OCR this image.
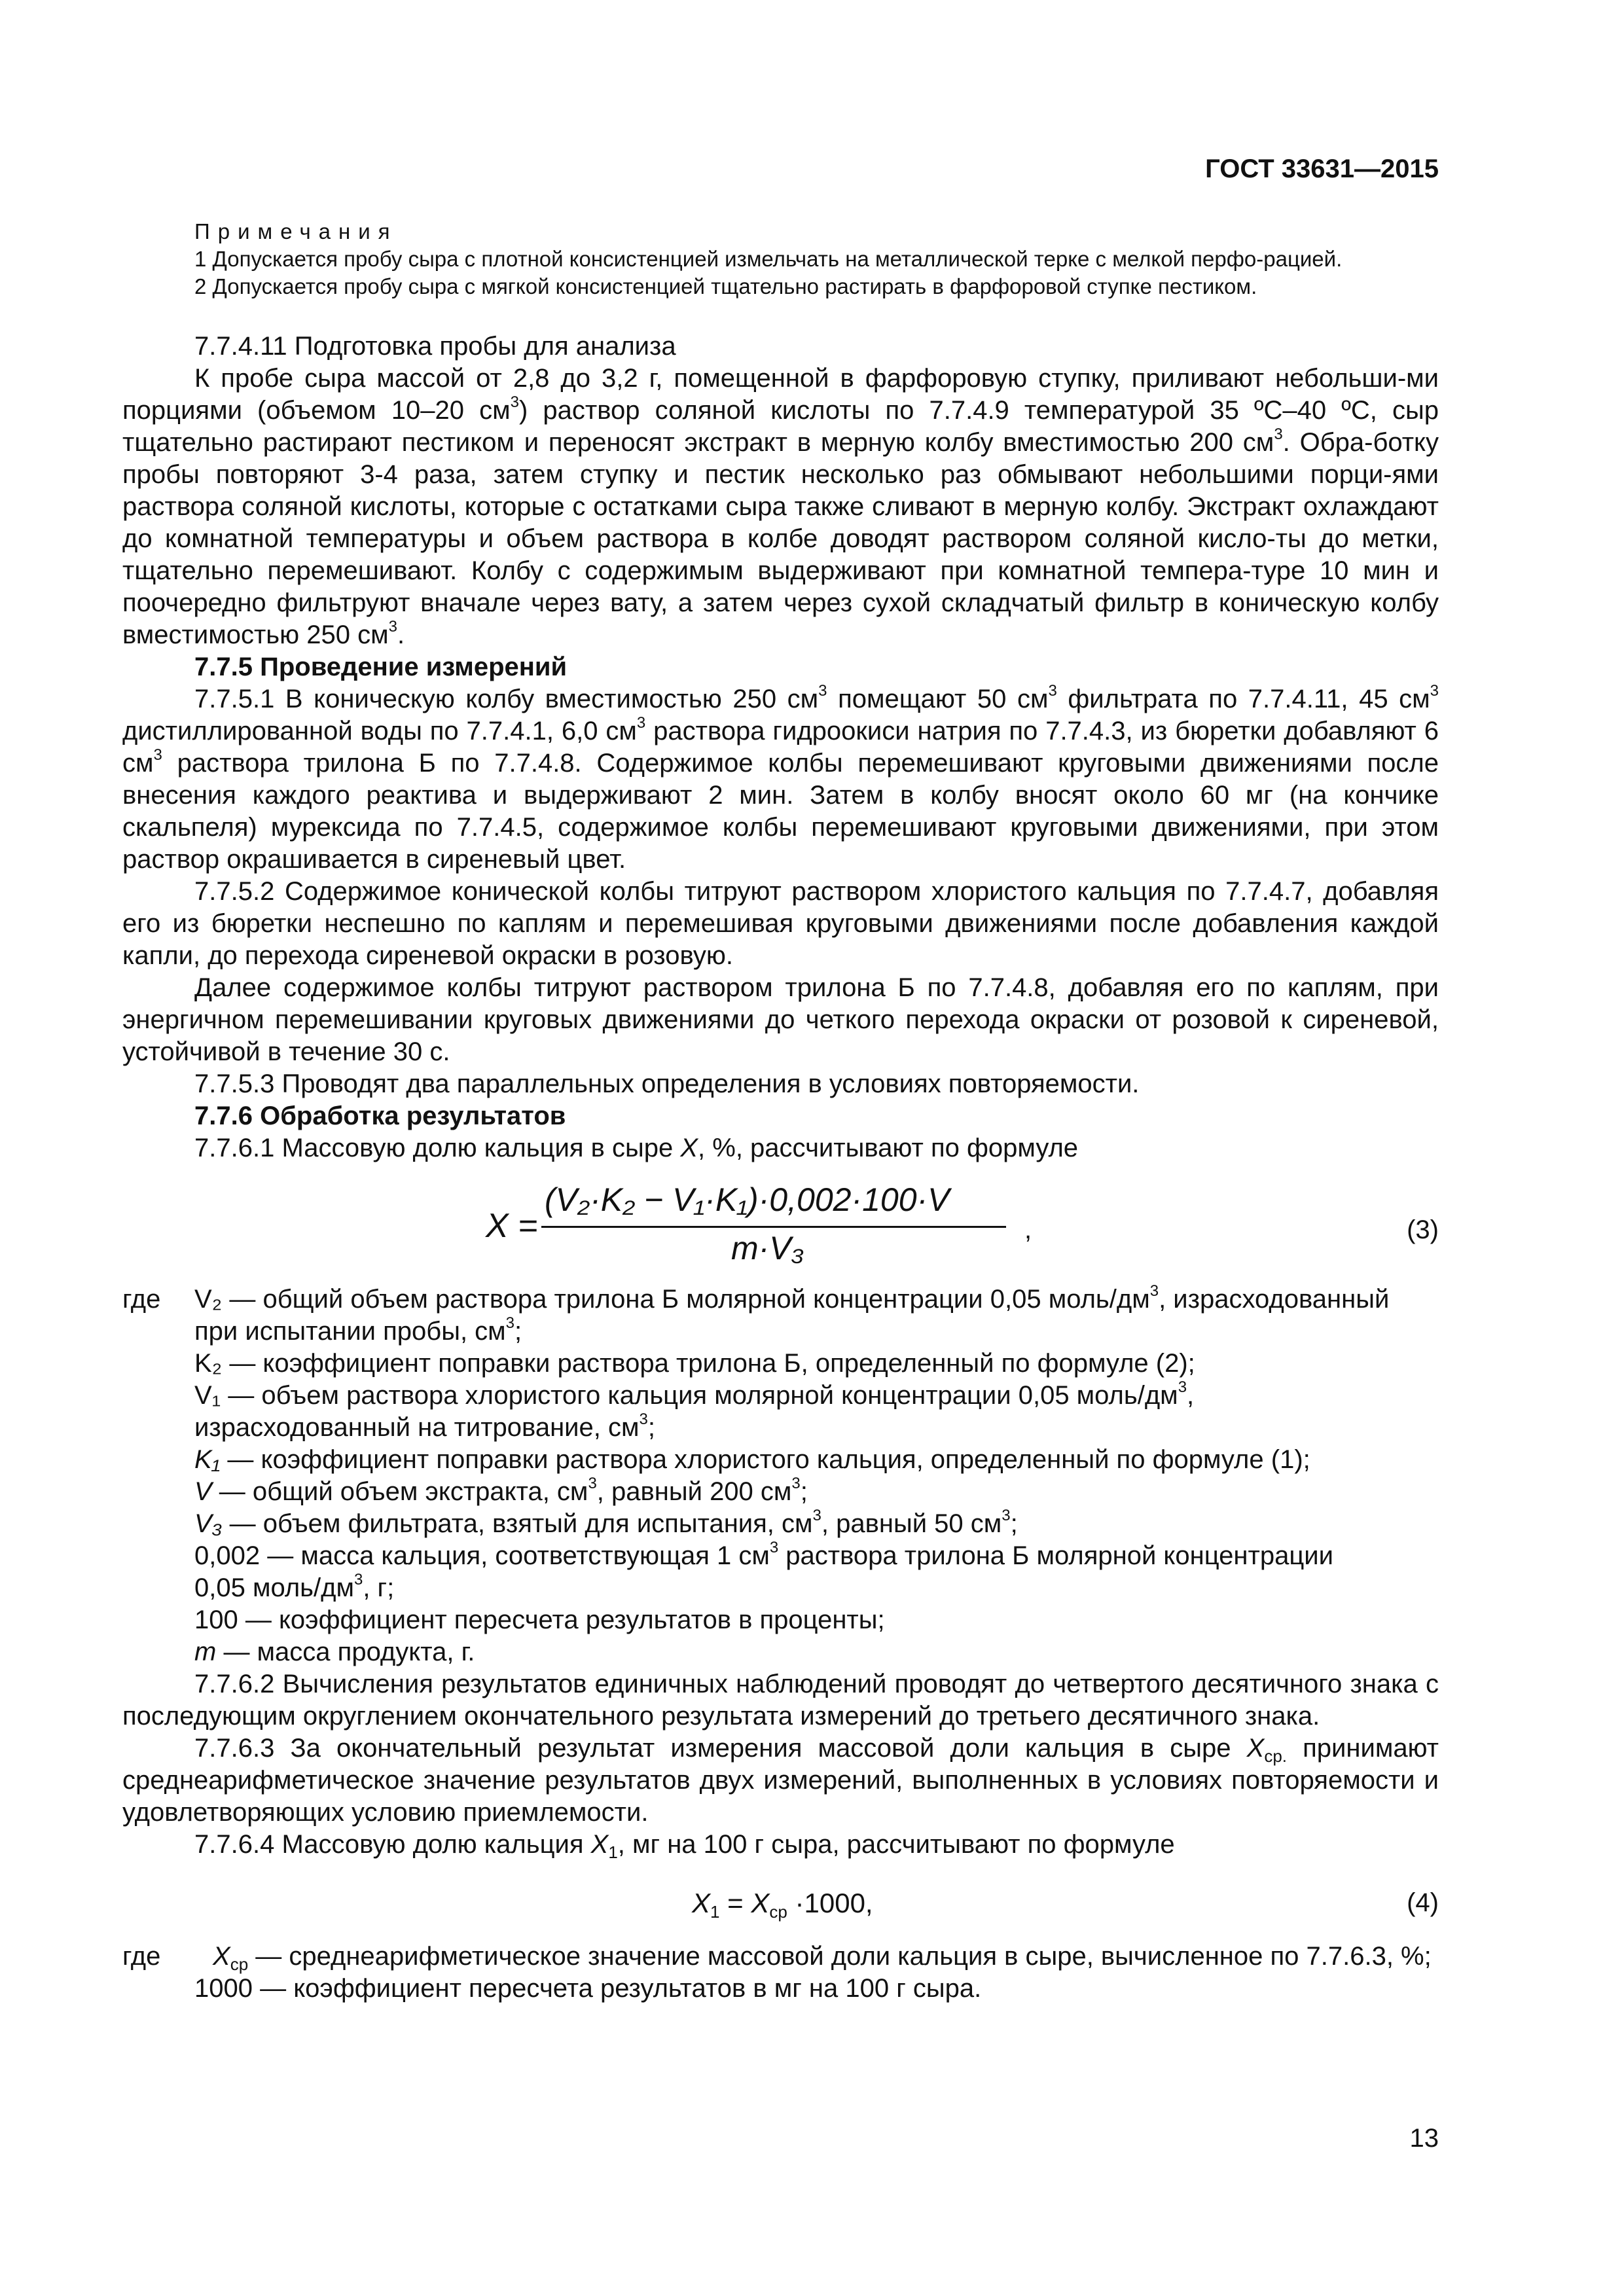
ГОСТ 33631—2015
Примечания
1 Допускается пробу сыра с плотной консистенцией измельчать на металлической терке с мелкой перфо-рацией.
2 Допускается пробу сыра с мягкой консистенцией тщательно растирать в фарфоровой ступке пестиком.
7.7.4.11 Подготовка пробы для анализа

К пробе сыра массой от 2,8 до 3,2 г, помещенной в фарфоровую ступку, приливают небольши-ми порциями (объемом 10–20 $см^3$) раствор соляной кислоты по 7.7.4.9 температурой 35 ºС–40 ºС, сыр тщательно растирают пестиком и переносят экстракт в мерную колбу вместимостью 200 $см^3$. Обра-ботку пробы повторяют 3-4 раза, затем ступку и пестик несколько раз обмывают небольшими порци-ями раствора соляной кислоты, которые с остатками сыра также сливают в мерную колбу. Экстракт охлаждают до комнатной температуры и объем раствора в колбе доводят раствором соляной кисло-ты до метки, тщательно перемешивают. Колбу с содержимым выдерживают при комнатной темпера-туре 10 мин и поочередно фильтруют вначале через вату, а затем через сухой складчатый фильтр в коническую колбу вместимостью 250 $см^3$.

7.7.5 Проведение измерений

7.7.5.1 В коническую колбу вместимостью 250 $см^3$ помещают 50 $см^3$ фильтрата по 7.7.4.11, 45 $см^3$ дистиллированной воды по 7.7.4.1, 6,0 $см^3$ раствора гидроокиси натрия по 7.7.4.3, из бюретки добавляют 6 $см^3$ раствора трилона Б по 7.7.4.8. Содержимое колбы перемешивают круговыми движениями после внесения каждого реактива и выдерживают 2 мин. Затем в колбу вносят около 60 мг (на кончике скальпеля) мурексида по 7.7.4.5, содержимое колбы перемешивают круговыми движениями, при этом раствор окрашивается в сиреневый цвет.

7.7.5.2 Содержимое конической колбы титруют раствором хлористого кальция по 7.7.4.7, добавляя его из бюретки неспешно по каплям и перемешивая круговыми движениями после добавления каждой капли, до перехода сиреневой окраски в розовую.

Далее содержимое колбы титруют раствором трилона Б по 7.7.4.8, добавляя его по каплям, при энергичном перемешивании круговых движениями до четкого перехода окраски от розовой к сиреневой, устойчивой в течение 30 с.

7.7.5.3 Проводят два параллельных определения в условиях повторяемости.

7.7.6 Обработка результатов

7.7.6.1 Массовую долю кальция в сыре X, %, рассчитывают по формуле

X =
(V₂·K₂ − V₁·K₁)·0,002·100·V
m·V₃	,	(3)
где	V₂ — общий объем раствора трилона Б молярной концентрации 0,05 моль/$дм^3$, израсходованный
при испытании пробы, $см^3$;
K₂ — коэффициент поправки раствора трилона Б, определенный по формуле (2);
V₁ — объем раствора хлористого кальция молярной концентрации 0,05 моль/$дм^3$,
израсходованный на титрование, $см^3$;
K₁ — коэффициент поправки раствора хлористого кальция, определенный по формуле (1);
V — общий объем экстракта, $см^3$, равный 200 $см^3$;
V₃ — объем фильтрата, взятый для испытания, $см^3$, равный 50 $см^3$;
0,002 — масса кальция, соответствующая 1 $см^3$ раствора трилона Б молярной концентрации
0,05 моль/$дм^3$, г;
100 — коэффициент пересчета результатов в проценты;
m — масса продукта, г.

7.7.6.2 Вычисления результатов единичных наблюдений проводят до четвертого десятичного знака с последующим округлением окончательного результата измерений до третьего десятичного знака.

7.7.6.3 За окончательный результат измерения массовой доли кальция в сыре $X_{ср.}$ принимают среднеарифметическое значение результатов двух измерений, выполненных в условиях повторяемости и удовлетворяющих условию приемлемости.

7.7.6.4 Массовую долю кальция $X_1$, мг на 100 г сыра, рассчитывают по формуле

$X_1 = X_{ср} \cdot 1000$,	(4)
где	$X_{ср}$ — среднеарифметическое значение массовой доли кальция в сыре, вычисленное по 7.7.6.3, %;
1000 — коэффициент пересчета результатов в мг на 100 г сыра.
13
